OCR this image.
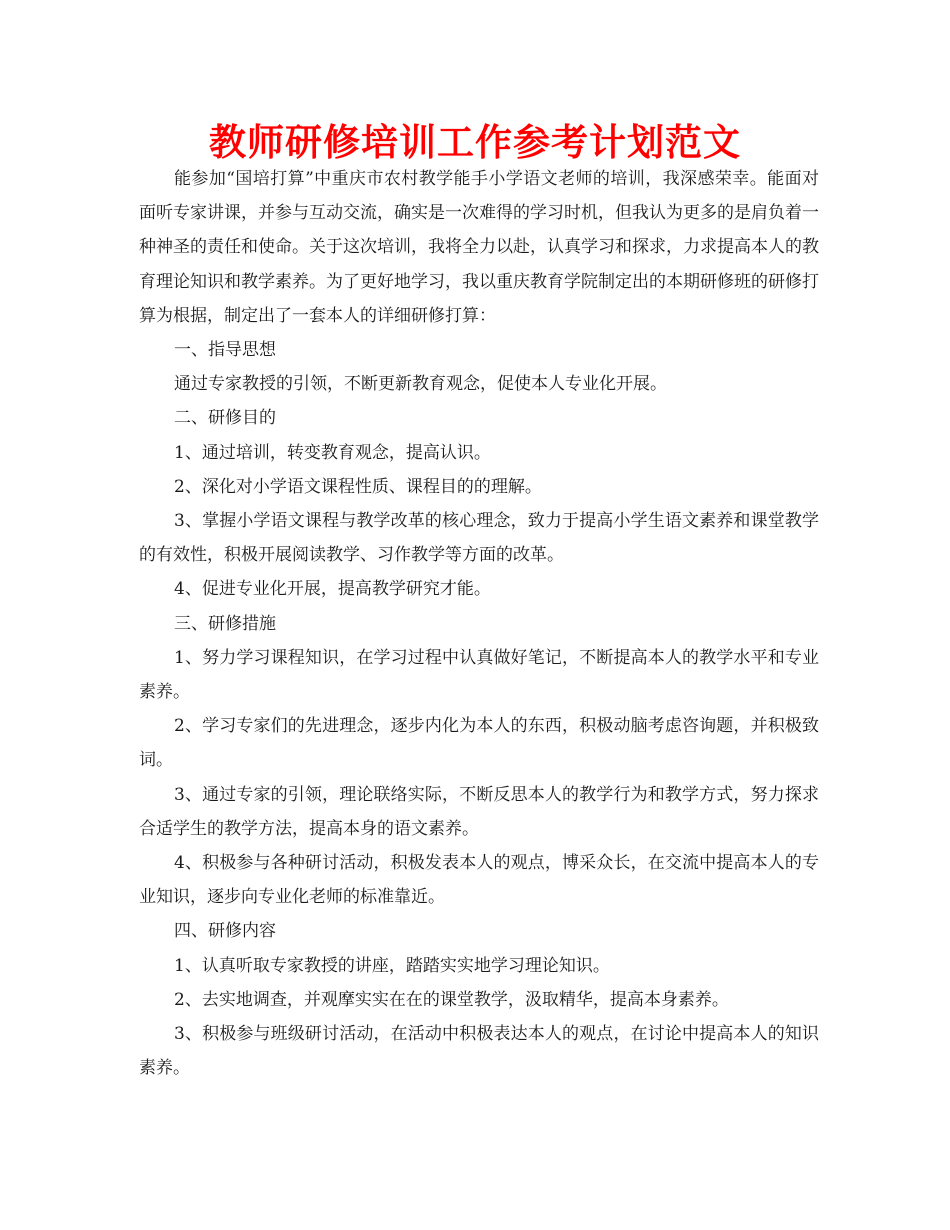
教师研修培训工作参考计划范文

能参加“国培打算”中重庆市农村教学能手小学语文老师的培训，我深感荣幸。能面对面听专家讲课，并参与互动交流，确实是一次难得的学习时机，但我认为更多的是肩负着一种神圣的责任和使命。关于这次培训，我将全力以赴，认真学习和探求，力求提高本人的教育理论知识和教学素养。为了更好地学习，我以重庆教育学院制定出的本期研修班的研修打算为根据，制定出了一套本人的详细研修打算：

一、指导思想

通过专家教授的引领，不断更新教育观念，促使本人专业化开展。

二、研修目的

1、通过培训，转变教育观念，提高认识。

2、深化对小学语文课程性质、课程目的的理解。

3、掌握小学语文课程与教学改革的核心理念，致力于提高小学生语文素养和课堂教学的有效性，积极开展阅读教学、习作教学等方面的改革。

4、促进专业化开展，提高教学研究才能。

三、研修措施

1、努力学习课程知识，在学习过程中认真做好笔记，不断提高本人的教学水平和专业素养。

2、学习专家们的先进理念，逐步内化为本人的东西，积极动脑考虑咨询题，并积极致词。

3、通过专家的引领，理论联络实际，不断反思本人的教学行为和教学方式，努力探求合适学生的教学方法，提高本身的语文素养。

4、积极参与各种研讨活动，积极发表本人的观点，博采众长，在交流中提高本人的专业知识，逐步向专业化老师的标准靠近。

四、研修内容

1、认真听取专家教授的讲座，踏踏实实地学习理论知识。

2、去实地调查，并观摩实实在在的课堂教学，汲取精华，提高本身素养。

3、积极参与班级研讨活动，在活动中积极表达本人的观点，在讨论中提高本人的知识素养。
